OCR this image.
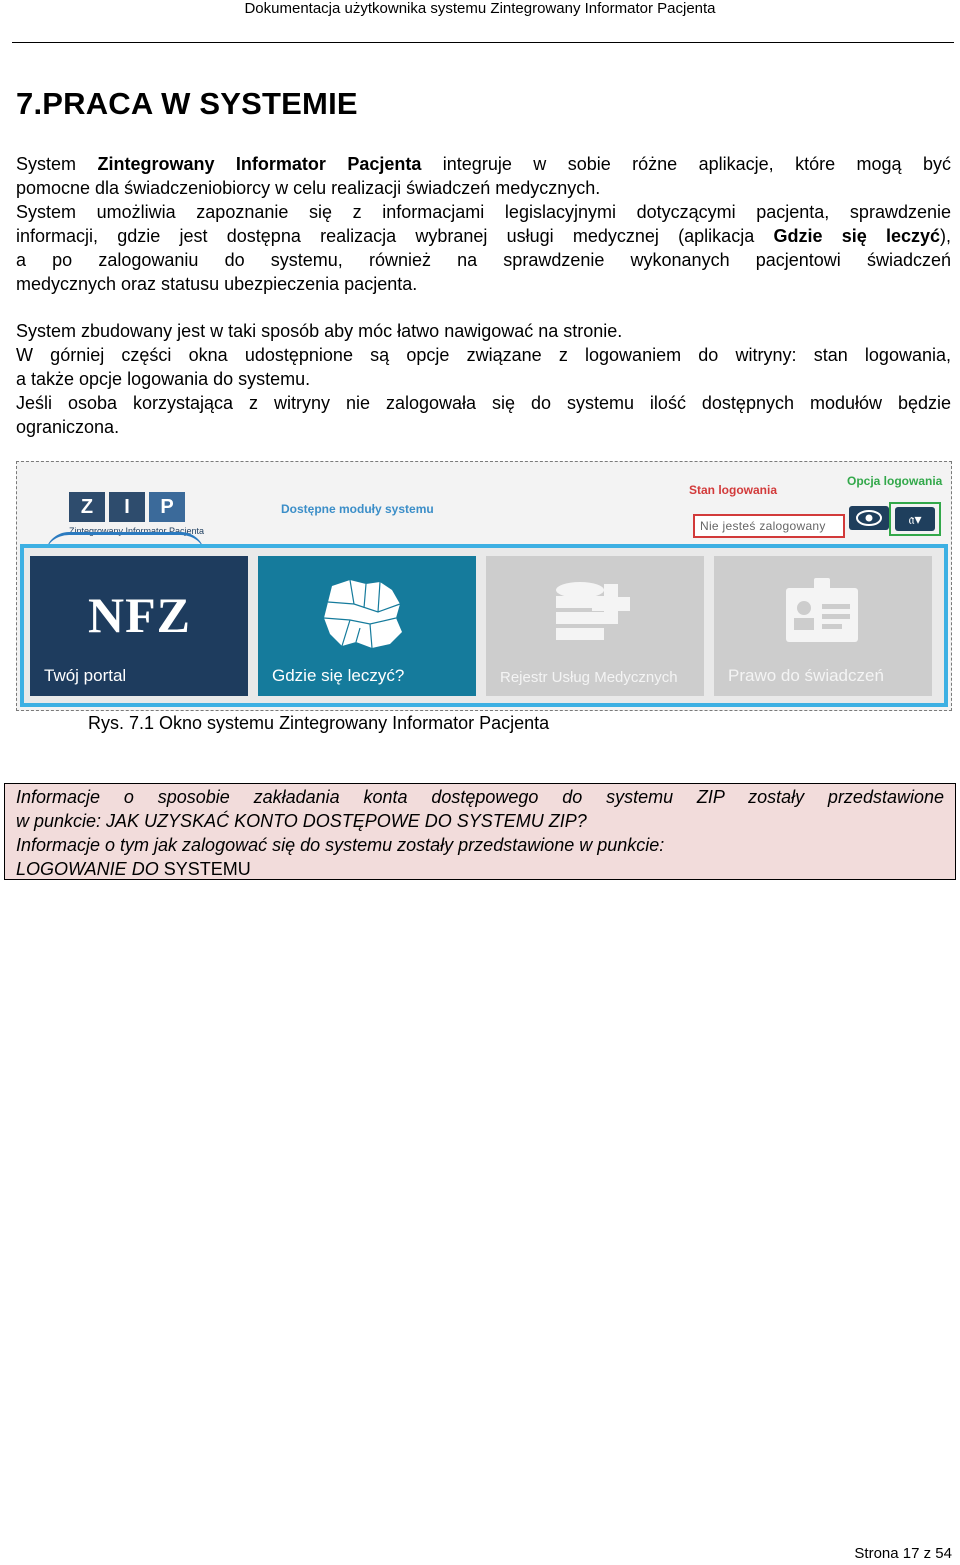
Dokumentacja użytkownika systemu Zintegrowany Informator Pacjenta
7.PRACA W SYSTEMIE
System Zintegrowany Informator Pacjenta integruje w sobie różne aplikacje, które mogą być
pomocne dla świadczeniobiorcy w celu realizacji świadczeń medycznych.
System umożliwia zapoznanie się z informacjami legislacyjnymi dotyczącymi pacjenta, sprawdzenie
informacji, gdzie jest dostępna realizacja wybranej usługi medycznej (aplikacja Gdzie się leczyć),
a po zalogowaniu do systemu, również na sprawdzenie wykonanych pacjentowi świadczeń
medycznych oraz statusu ubezpieczenia pacjenta.
System zbudowany jest w taki sposób aby móc łatwo nawigować na stronie.
W górniej części okna udostępnione są opcje związane z logowaniem do witryny: stan logowania,
a także opcje logowania do systemu.
Jeśli osoba korzystająca z witryny nie zalogowała się do systemu ilość dostępnych modułów będzie
ograniczona.
Z	I	P
Zintegrowany Informator Pacjenta
Dostępne moduły systemu
Stan logowania
Opcja logowania
Nie jesteś zalogowany	𝔞▾
NFZ
Twój portal	Gdzie się leczyć?	Rejestr Usług Medycznych	Prawo do świadczeń
Rys. 7.1 Okno systemu Zintegrowany Informator Pacjenta
Informacje o sposobie zakładania konta dostępowego do systemu ZIP zostały przedstawione
w punkcie: JAK UZYSKAĆ KONTO DOSTĘPOWE DO SYSTEMU ZIP?
Informacje o tym jak zalogować się do systemu zostały przedstawione w punkcie:
LOGOWANIE DO SYSTEMU
Strona 17 z 54
